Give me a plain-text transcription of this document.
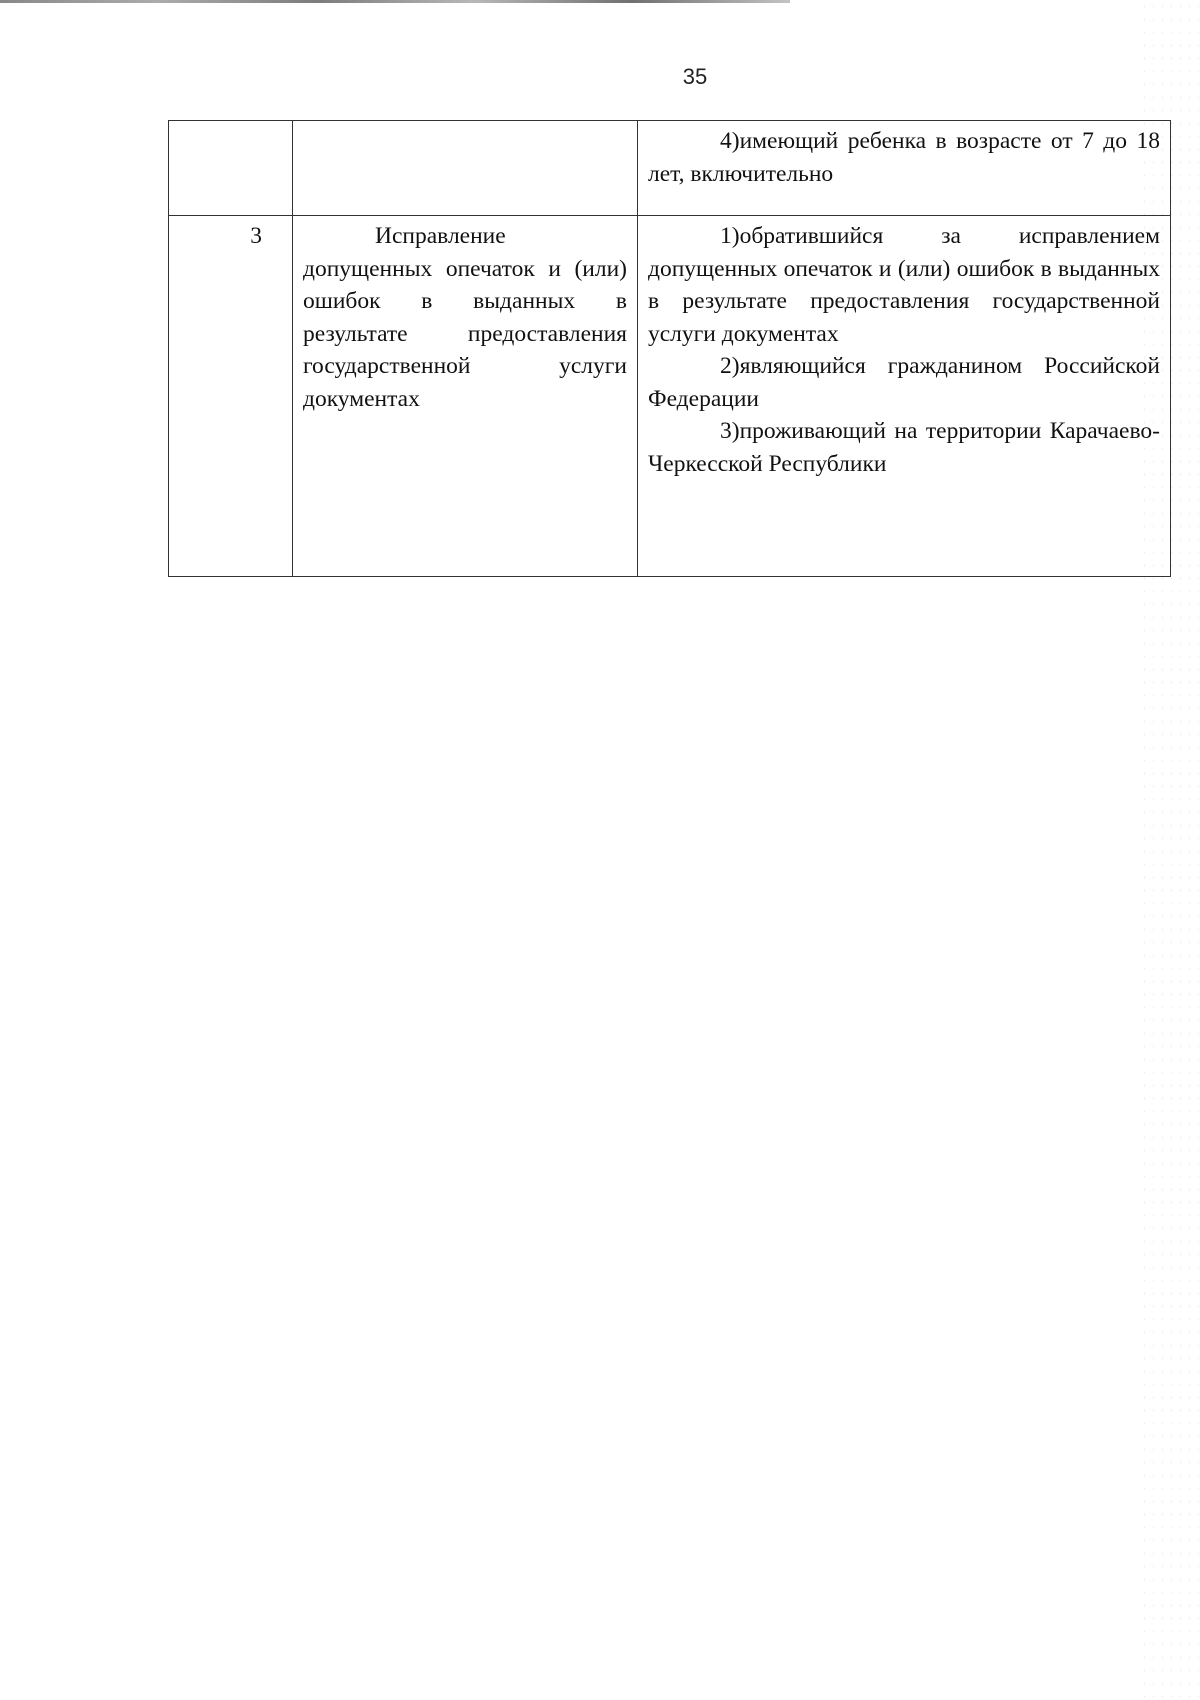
35

		4)имеющий ребенка в возрасте от 7 до 18 лет, включительно

3	Исправление допущенных опечаток и (или) ошибок в выданных в результате предоставления государственной услуги документах	1)обратившийся за исправлением допущенных опечаток и (или) ошибок в выданных в результате предоставления государственной услуги документах

2)являющийся гражданином Российской Федерации

3)проживающий на территории Карачаево-Черкесской Республики
